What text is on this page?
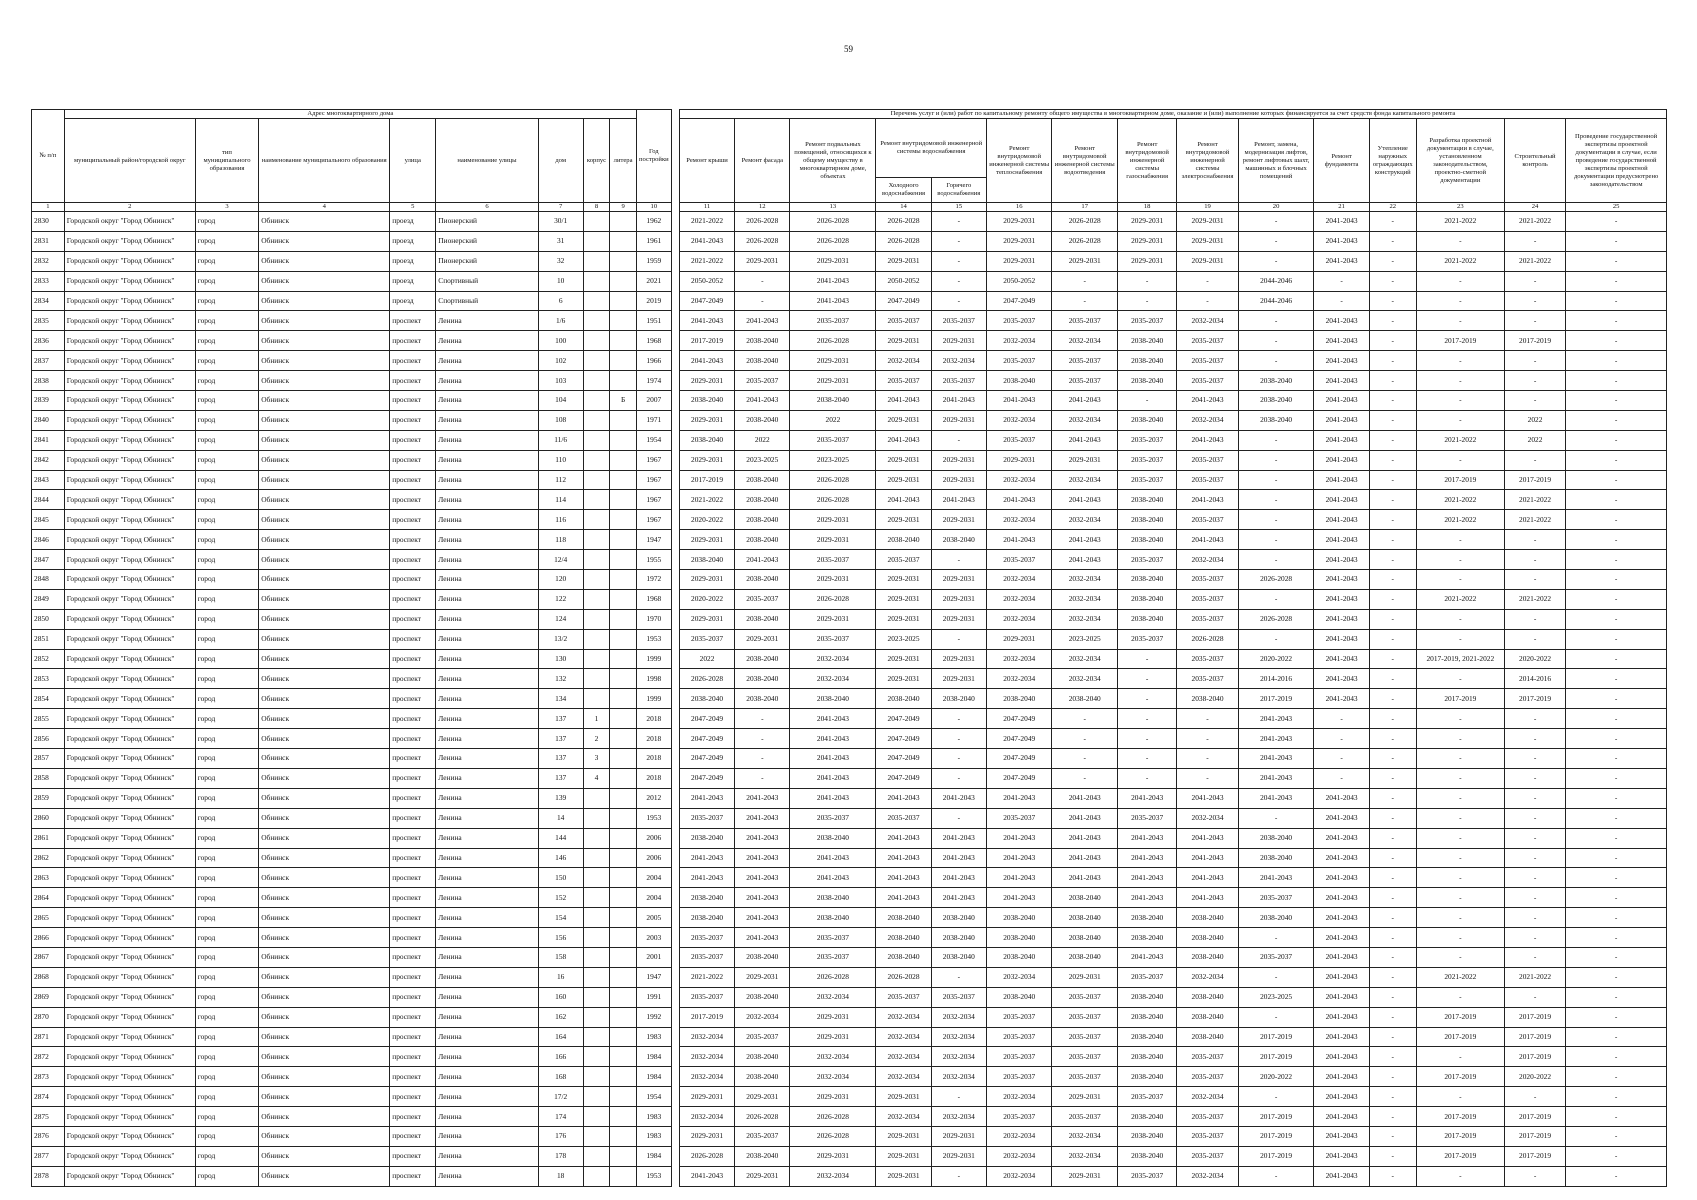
59
№ п/п	Адрес многоквартирного дома								Год постройки		Перечень услуг и (или) работ по капитальному ремонту общего имущества в многоквартирном доме, оказание и (или) выполнение которых финансируется за счет средств фонда капитального ремонта														
	муниципальный район/городской округ	тип муниципального образования	наименование муниципального образования	улица	наименование улицы	дом	корпус	литера			Ремонт крыши	Ремонт фасада	Ремонт подвальных помещений, относящихся к общему имуществу в многоквартирном доме, объектах	Ремонт внутридомовой инженерной системы водоснабжения		Ремонт внутридомовой инженерной системы теплоснабжения	Ремонт внутридомовой инженерной системы водоотведения	Ремонт внутридомовой инженерной системы газоснабжения	Ремонт внутридомовой инженерной системы электроснабжения	Ремонт, замена, модернизация лифтов, ремонт лифтовых шахт, машинных и блочных помещений	Ремонт фундамента	Утепление наружных ограждающих конструкций	Разработка проектной документации в случае, установленном законодательством, проектно-сметной документации	Строительный контроль	Проведение государственной экспертизы проектной документации в случае, если проведение государственной экспертизы проектной документации предусмотрено законодательством
														Холодного водоснабжения	Горячего водоснабжения										
1	2	3	4	5	6	7	8	9	10		11	12	13	14	15	16	17	18	19	20	21	22	23	24	25
2830	Городской округ "Город Обнинск"	город	Обнинск	проезд	Пионерский	30/1			1962		2021-2022	2026-2028	2026-2028	2026-2028	-	2029-2031	2026-2028	2029-2031	2029-2031	-	2041-2043	-	2021-2022	2021-2022	-
2831	Городской округ "Город Обнинск"	город	Обнинск	проезд	Пионерский	31			1961		2041-2043	2026-2028	2026-2028	2026-2028	-	2029-2031	2026-2028	2029-2031	2029-2031	-	2041-2043	-	-	-	-
2832	Городской округ "Город Обнинск"	город	Обнинск	проезд	Пионерский	32			1959		2021-2022	2029-2031	2029-2031	2029-2031	-	2029-2031	2029-2031	2029-2031	2029-2031	-	2041-2043	-	2021-2022	2021-2022	-
2833	Городской округ "Город Обнинск"	город	Обнинск	проезд	Спортивный	10			2021		2050-2052	-	2041-2043	2050-2052	-	2050-2052	-	-	-	2044-2046	-	-	-	-	-
2834	Городской округ "Город Обнинск"	город	Обнинск	проезд	Спортивный	6			2019		2047-2049	-	2041-2043	2047-2049	-	2047-2049	-	-	-	2044-2046	-	-	-	-	-
2835	Городской округ "Город Обнинск"	город	Обнинск	проспект	Ленина	1/6			1951		2041-2043	2041-2043	2035-2037	2035-2037	2035-2037	2035-2037	2035-2037	2035-2037	2032-2034	-	2041-2043	-	-	-	-
2836	Городской округ "Город Обнинск"	город	Обнинск	проспект	Ленина	100			1968		2017-2019	2038-2040	2026-2028	2029-2031	2029-2031	2032-2034	2032-2034	2038-2040	2035-2037	-	2041-2043	-	2017-2019	2017-2019	-
2837	Городской округ "Город Обнинск"	город	Обнинск	проспект	Ленина	102			1966		2041-2043	2038-2040	2029-2031	2032-2034	2032-2034	2035-2037	2035-2037	2038-2040	2035-2037	-	2041-2043	-	-	-	-
2838	Городской округ "Город Обнинск"	город	Обнинск	проспект	Ленина	103			1974		2029-2031	2035-2037	2029-2031	2035-2037	2035-2037	2038-2040	2035-2037	2038-2040	2035-2037	2038-2040	2041-2043	-	-	-	-
2839	Городской округ "Город Обнинск"	город	Обнинск	проспект	Ленина	104		Б	2007		2038-2040	2041-2043	2038-2040	2041-2043	2041-2043	2041-2043	2041-2043	-	2041-2043	2038-2040	2041-2043	-	-	-	-
2840	Городской округ "Город Обнинск"	город	Обнинск	проспект	Ленина	108			1971		2029-2031	2038-2040	2022	2029-2031	2029-2031	2032-2034	2032-2034	2038-2040	2032-2034	2038-2040	2041-2043	-	-	2022	-
2841	Городской округ "Город Обнинск"	город	Обнинск	проспект	Ленина	11/6			1954		2038-2040	2022	2035-2037	2041-2043	-	2035-2037	2041-2043	2035-2037	2041-2043	-	2041-2043	-	2021-2022	2022	-
2842	Городской округ "Город Обнинск"	город	Обнинск	проспект	Ленина	110			1967		2029-2031	2023-2025	2023-2025	2029-2031	2029-2031	2029-2031	2029-2031	2035-2037	2035-2037	-	2041-2043	-	-	-	-
2843	Городской округ "Город Обнинск"	город	Обнинск	проспект	Ленина	112			1967		2017-2019	2038-2040	2026-2028	2029-2031	2029-2031	2032-2034	2032-2034	2035-2037	2035-2037	-	2041-2043	-	2017-2019	2017-2019	-
2844	Городской округ "Город Обнинск"	город	Обнинск	проспект	Ленина	114			1967		2021-2022	2038-2040	2026-2028	2041-2043	2041-2043	2041-2043	2041-2043	2038-2040	2041-2043	-	2041-2043	-	2021-2022	2021-2022	-
2845	Городской округ "Город Обнинск"	город	Обнинск	проспект	Ленина	116			1967		2020-2022	2038-2040	2029-2031	2029-2031	2029-2031	2032-2034	2032-2034	2038-2040	2035-2037	-	2041-2043	-	2021-2022	2021-2022	-
2846	Городской округ "Город Обнинск"	город	Обнинск	проспект	Ленина	118			1947		2029-2031	2038-2040	2029-2031	2038-2040	2038-2040	2041-2043	2041-2043	2038-2040	2041-2043	-	2041-2043	-	-	-	-
2847	Городской округ "Город Обнинск"	город	Обнинск	проспект	Ленина	12/4			1955		2038-2040	2041-2043	2035-2037	2035-2037	-	2035-2037	2041-2043	2035-2037	2032-2034	-	2041-2043	-	-	-	-
2848	Городской округ "Город Обнинск"	город	Обнинск	проспект	Ленина	120			1972		2029-2031	2038-2040	2029-2031	2029-2031	2029-2031	2032-2034	2032-2034	2038-2040	2035-2037	2026-2028	2041-2043	-	-	-	-
2849	Городской округ "Город Обнинск"	город	Обнинск	проспект	Ленина	122			1968		2020-2022	2035-2037	2026-2028	2029-2031	2029-2031	2032-2034	2032-2034	2038-2040	2035-2037	-	2041-2043	-	2021-2022	2021-2022	-
2850	Городской округ "Город Обнинск"	город	Обнинск	проспект	Ленина	124			1970		2029-2031	2038-2040	2029-2031	2029-2031	2029-2031	2032-2034	2032-2034	2038-2040	2035-2037	2026-2028	2041-2043	-	-	-	-
2851	Городской округ "Город Обнинск"	город	Обнинск	проспект	Ленина	13/2			1953		2035-2037	2029-2031	2035-2037	2023-2025	-	2029-2031	2023-2025	2035-2037	2026-2028	-	2041-2043	-	-	-	-
2852	Городской округ "Город Обнинск"	город	Обнинск	проспект	Ленина	130			1999		2022	2038-2040	2032-2034	2029-2031	2029-2031	2032-2034	2032-2034	-	2035-2037	2020-2022	2041-2043	-	2017-2019, 2021-2022	2020-2022	-
2853	Городской округ "Город Обнинск"	город	Обнинск	проспект	Ленина	132			1998		2026-2028	2038-2040	2032-2034	2029-2031	2029-2031	2032-2034	2032-2034	-	2035-2037	2014-2016	2041-2043	-	-	2014-2016	-
2854	Городской округ "Город Обнинск"	город	Обнинск	проспект	Ленина	134			1999		2038-2040	2038-2040	2038-2040	2038-2040	2038-2040	2038-2040	2038-2040	-	2038-2040	2017-2019	2041-2043	-	2017-2019	2017-2019	-
2855	Городской округ "Город Обнинск"	город	Обнинск	проспект	Ленина	137	1		2018		2047-2049	-	2041-2043	2047-2049	-	2047-2049	-	-	-	2041-2043	-	-	-	-	-
2856	Городской округ "Город Обнинск"	город	Обнинск	проспект	Ленина	137	2		2018		2047-2049	-	2041-2043	2047-2049	-	2047-2049	-	-	-	2041-2043	-	-	-	-	-
2857	Городской округ "Город Обнинск"	город	Обнинск	проспект	Ленина	137	3		2018		2047-2049	-	2041-2043	2047-2049	-	2047-2049	-	-	-	2041-2043	-	-	-	-	-
2858	Городской округ "Город Обнинск"	город	Обнинск	проспект	Ленина	137	4		2018		2047-2049	-	2041-2043	2047-2049	-	2047-2049	-	-	-	2041-2043	-	-	-	-	-
2859	Городской округ "Город Обнинск"	город	Обнинск	проспект	Ленина	139			2012		2041-2043	2041-2043	2041-2043	2041-2043	2041-2043	2041-2043	2041-2043	2041-2043	2041-2043	2041-2043	2041-2043	-	-	-	-
2860	Городской округ "Город Обнинск"	город	Обнинск	проспект	Ленина	14			1953		2035-2037	2041-2043	2035-2037	2035-2037	-	2035-2037	2041-2043	2035-2037	2032-2034	-	2041-2043	-	-	-	-
2861	Городской округ "Город Обнинск"	город	Обнинск	проспект	Ленина	144			2006		2038-2040	2041-2043	2038-2040	2041-2043	2041-2043	2041-2043	2041-2043	2041-2043	2041-2043	2038-2040	2041-2043	-	-	-	-
2862	Городской округ "Город Обнинск"	город	Обнинск	проспект	Ленина	146			2006		2041-2043	2041-2043	2041-2043	2041-2043	2041-2043	2041-2043	2041-2043	2041-2043	2041-2043	2038-2040	2041-2043	-	-	-	-
2863	Городской округ "Город Обнинск"	город	Обнинск	проспект	Ленина	150			2004		2041-2043	2041-2043	2041-2043	2041-2043	2041-2043	2041-2043	2041-2043	2041-2043	2041-2043	2041-2043	2041-2043	-	-	-	-
2864	Городской округ "Город Обнинск"	город	Обнинск	проспект	Ленина	152			2004		2038-2040	2041-2043	2038-2040	2041-2043	2041-2043	2041-2043	2038-2040	2041-2043	2041-2043	2035-2037	2041-2043	-	-	-	-
2865	Городской округ "Город Обнинск"	город	Обнинск	проспект	Ленина	154			2005		2038-2040	2041-2043	2038-2040	2038-2040	2038-2040	2038-2040	2038-2040	2038-2040	2038-2040	2038-2040	2041-2043	-	-	-	-
2866	Городской округ "Город Обнинск"	город	Обнинск	проспект	Ленина	156			2003		2035-2037	2041-2043	2035-2037	2038-2040	2038-2040	2038-2040	2038-2040	2038-2040	2038-2040	-	2041-2043	-	-	-	-
2867	Городской округ "Город Обнинск"	город	Обнинск	проспект	Ленина	158			2001		2035-2037	2038-2040	2035-2037	2038-2040	2038-2040	2038-2040	2038-2040	2041-2043	2038-2040	2035-2037	2041-2043	-	-	-	-
2868	Городской округ "Город Обнинск"	город	Обнинск	проспект	Ленина	16			1947		2021-2022	2029-2031	2026-2028	2026-2028	-	2032-2034	2029-2031	2035-2037	2032-2034	-	2041-2043	-	2021-2022	2021-2022	-
2869	Городской округ "Город Обнинск"	город	Обнинск	проспект	Ленина	160			1991		2035-2037	2038-2040	2032-2034	2035-2037	2035-2037	2038-2040	2035-2037	2038-2040	2038-2040	2023-2025	2041-2043	-	-	-	-
2870	Городской округ "Город Обнинск"	город	Обнинск	проспект	Ленина	162			1992		2017-2019	2032-2034	2029-2031	2032-2034	2032-2034	2035-2037	2035-2037	2038-2040	2038-2040	-	2041-2043	-	2017-2019	2017-2019	-
2871	Городской округ "Город Обнинск"	город	Обнинск	проспект	Ленина	164			1983		2032-2034	2035-2037	2029-2031	2032-2034	2032-2034	2035-2037	2035-2037	2038-2040	2038-2040	2017-2019	2041-2043	-	2017-2019	2017-2019	-
2872	Городской округ "Город Обнинск"	город	Обнинск	проспект	Ленина	166			1984		2032-2034	2038-2040	2032-2034	2032-2034	2032-2034	2035-2037	2035-2037	2038-2040	2035-2037	2017-2019	2041-2043	-	-	2017-2019	-
2873	Городской округ "Город Обнинск"	город	Обнинск	проспект	Ленина	168			1984		2032-2034	2038-2040	2032-2034	2032-2034	2032-2034	2035-2037	2035-2037	2038-2040	2035-2037	2020-2022	2041-2043	-	2017-2019	2020-2022	-
2874	Городской округ "Город Обнинск"	город	Обнинск	проспект	Ленина	17/2			1954		2029-2031	2029-2031	2029-2031	2029-2031	-	2032-2034	2029-2031	2035-2037	2032-2034	-	2041-2043	-	-	-	-
2875	Городской округ "Город Обнинск"	город	Обнинск	проспект	Ленина	174			1983		2032-2034	2026-2028	2026-2028	2032-2034	2032-2034	2035-2037	2035-2037	2038-2040	2035-2037	2017-2019	2041-2043	-	2017-2019	2017-2019	-
2876	Городской округ "Город Обнинск"	город	Обнинск	проспект	Ленина	176			1983		2029-2031	2035-2037	2026-2028	2029-2031	2029-2031	2032-2034	2032-2034	2038-2040	2035-2037	2017-2019	2041-2043	-	2017-2019	2017-2019	-
2877	Городской округ "Город Обнинск"	город	Обнинск	проспект	Ленина	178			1984		2026-2028	2038-2040	2029-2031	2029-2031	2029-2031	2032-2034	2032-2034	2038-2040	2035-2037	2017-2019	2041-2043	-	2017-2019	2017-2019	-
2878	Городской округ "Город Обнинск"	город	Обнинск	проспект	Ленина	18			1953		2041-2043	2029-2031	2032-2034	2029-2031	-	2032-2034	2029-2031	2035-2037	2032-2034	-	2041-2043	-	-	-	-
